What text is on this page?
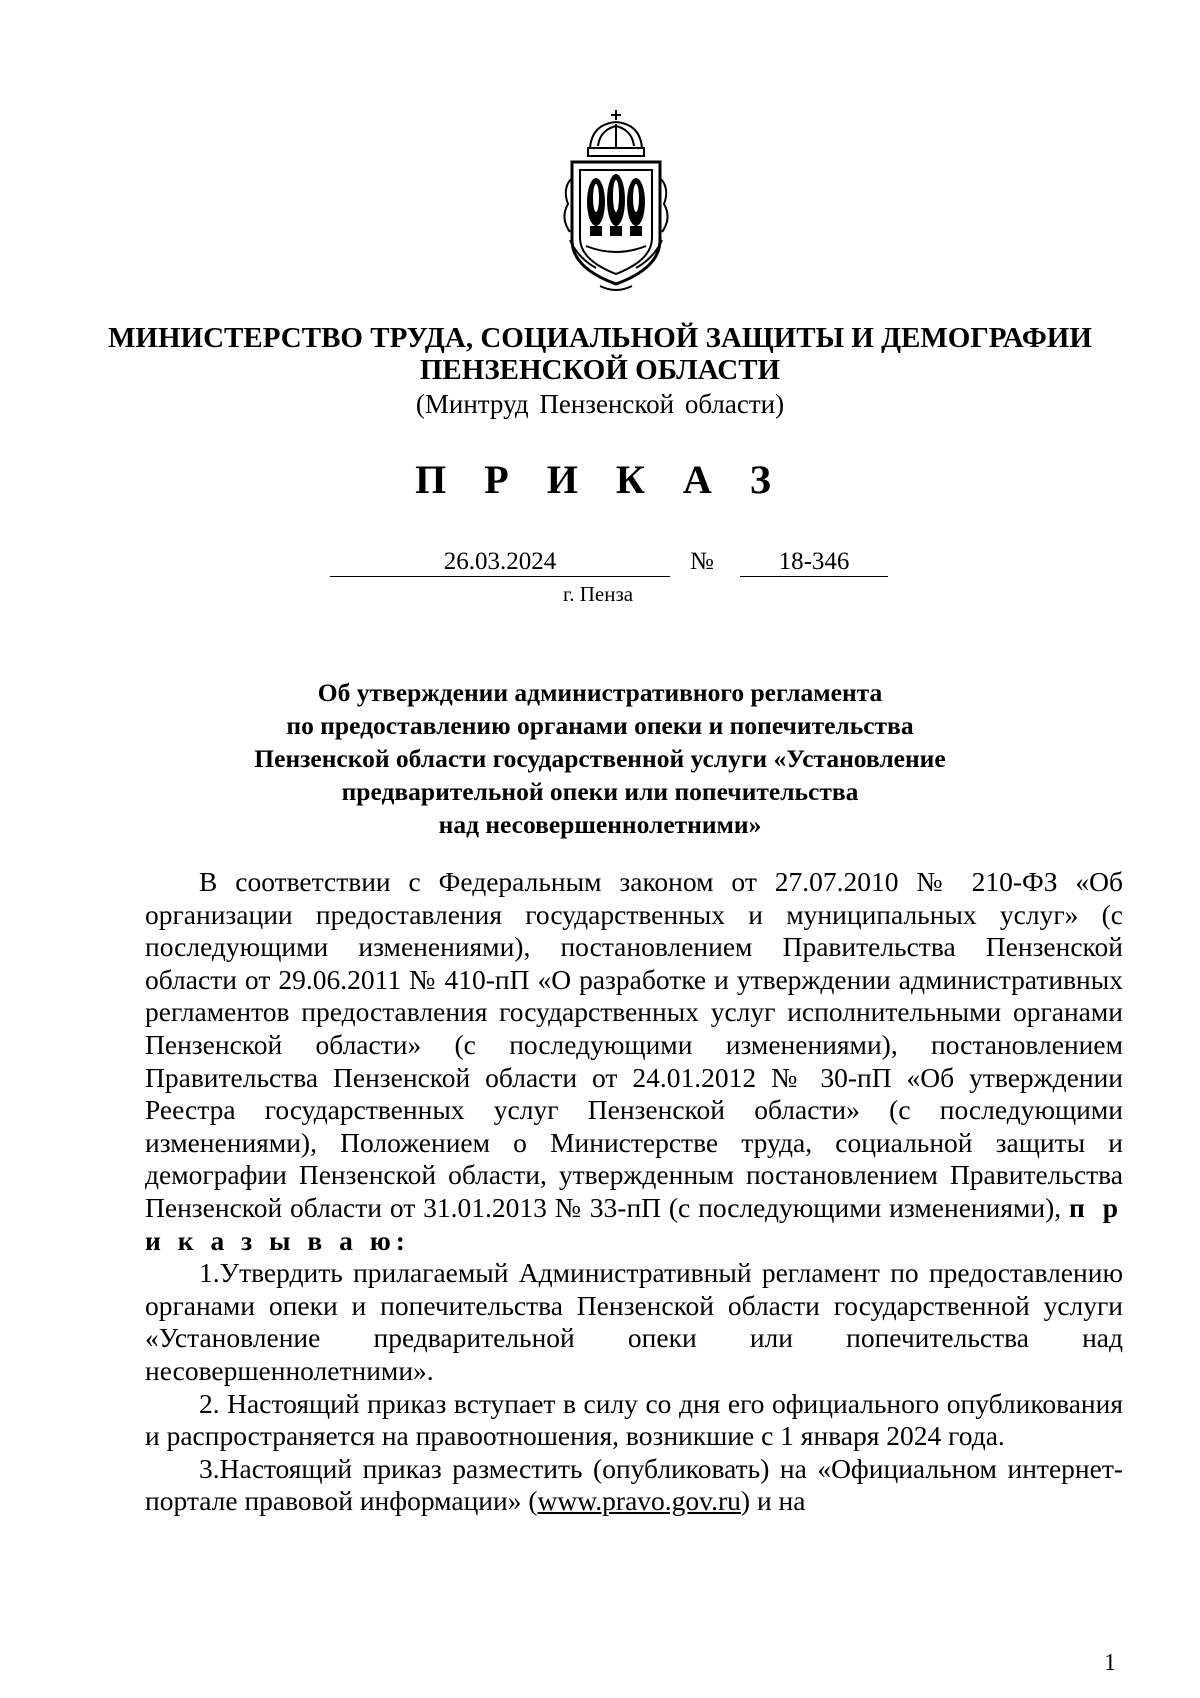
МИНИСТЕРСТВО ТРУДА, СОЦИАЛЬНОЙ ЗАЩИТЫ И ДЕМОГРАФИИ
ПЕНЗЕНСКОЙ ОБЛАСТИ
(Минтруд Пензенской области)
П Р И К А З
26.03.2024	№	18-346
г. Пенза
Об утверждении административного регламента
по предоставлению органами опеки и попечительства
Пензенской области государственной услуги «Установление
предварительной опеки или попечительства
над несовершеннолетними»

В соответствии с Федеральным законом от 27.07.2010 № 210-ФЗ «Об организации предоставления государственных и муниципальных услуг» (с последующими изменениями), постановлением Правительства Пензенской области от 29.06.2011 № 410-пП «О разработке и утверждении административных регламентов предоставления государственных услуг исполнительными органами Пензенской области» (с последующими изменениями), постановлением Правительства Пензенской области от 24.01.2012 № 30-пП «Об утверждении Реестра государственных услуг Пензенской области» (с последующими изменениями), Положением о Министерстве труда, социальной защиты и демографии Пензенской области, утвержденным постановлением Правительства Пензенской области от 31.01.2013 № 33-пП (с последующими изменениями), п р и к а з ы в а ю:

1.Утвердить прилагаемый Административный регламент по предоставлению органами опеки и попечительства Пензенской области государственной услуги «Установление предварительной опеки или попечительства над несовершеннолетними».

2. Настоящий приказ вступает в силу со дня его официального опубликования и распространяется на правоотношения, возникшие с 1 января 2024 года.

3.Настоящий приказ разместить (опубликовать) на «Официальном интернет-портале правовой информации» (www.pravo.gov.ru) и на

1
